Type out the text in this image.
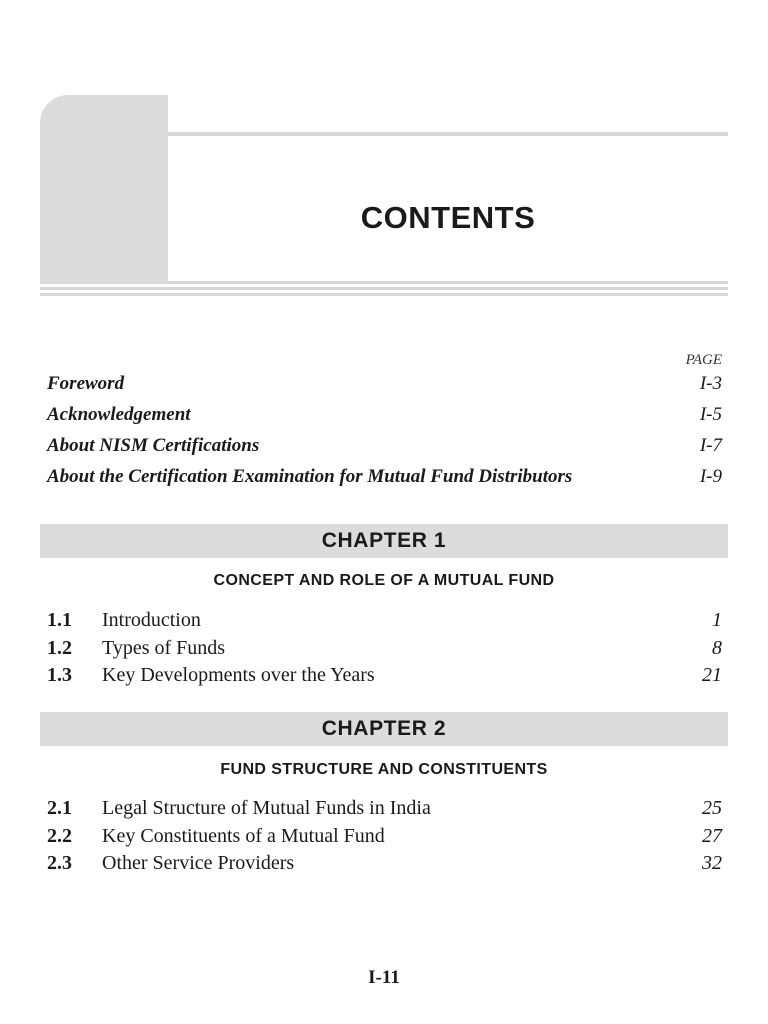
CONTENTS
PAGE
Foreword	I-3
Acknowledgement	I-5
About NISM Certifications	I-7
About the Certification Examination for Mutual Fund Distributors	I-9
CHAPTER 1
CONCEPT AND ROLE OF A MUTUAL FUND
1.1	Introduction	1
1.2	Types of Funds	8
1.3	Key Developments over the Years	21
CHAPTER 2
FUND STRUCTURE AND CONSTITUENTS
2.1	Legal Structure of Mutual Funds in India	25
2.2	Key Constituents of a Mutual Fund	27
2.3	Other Service Providers	32
I-11
